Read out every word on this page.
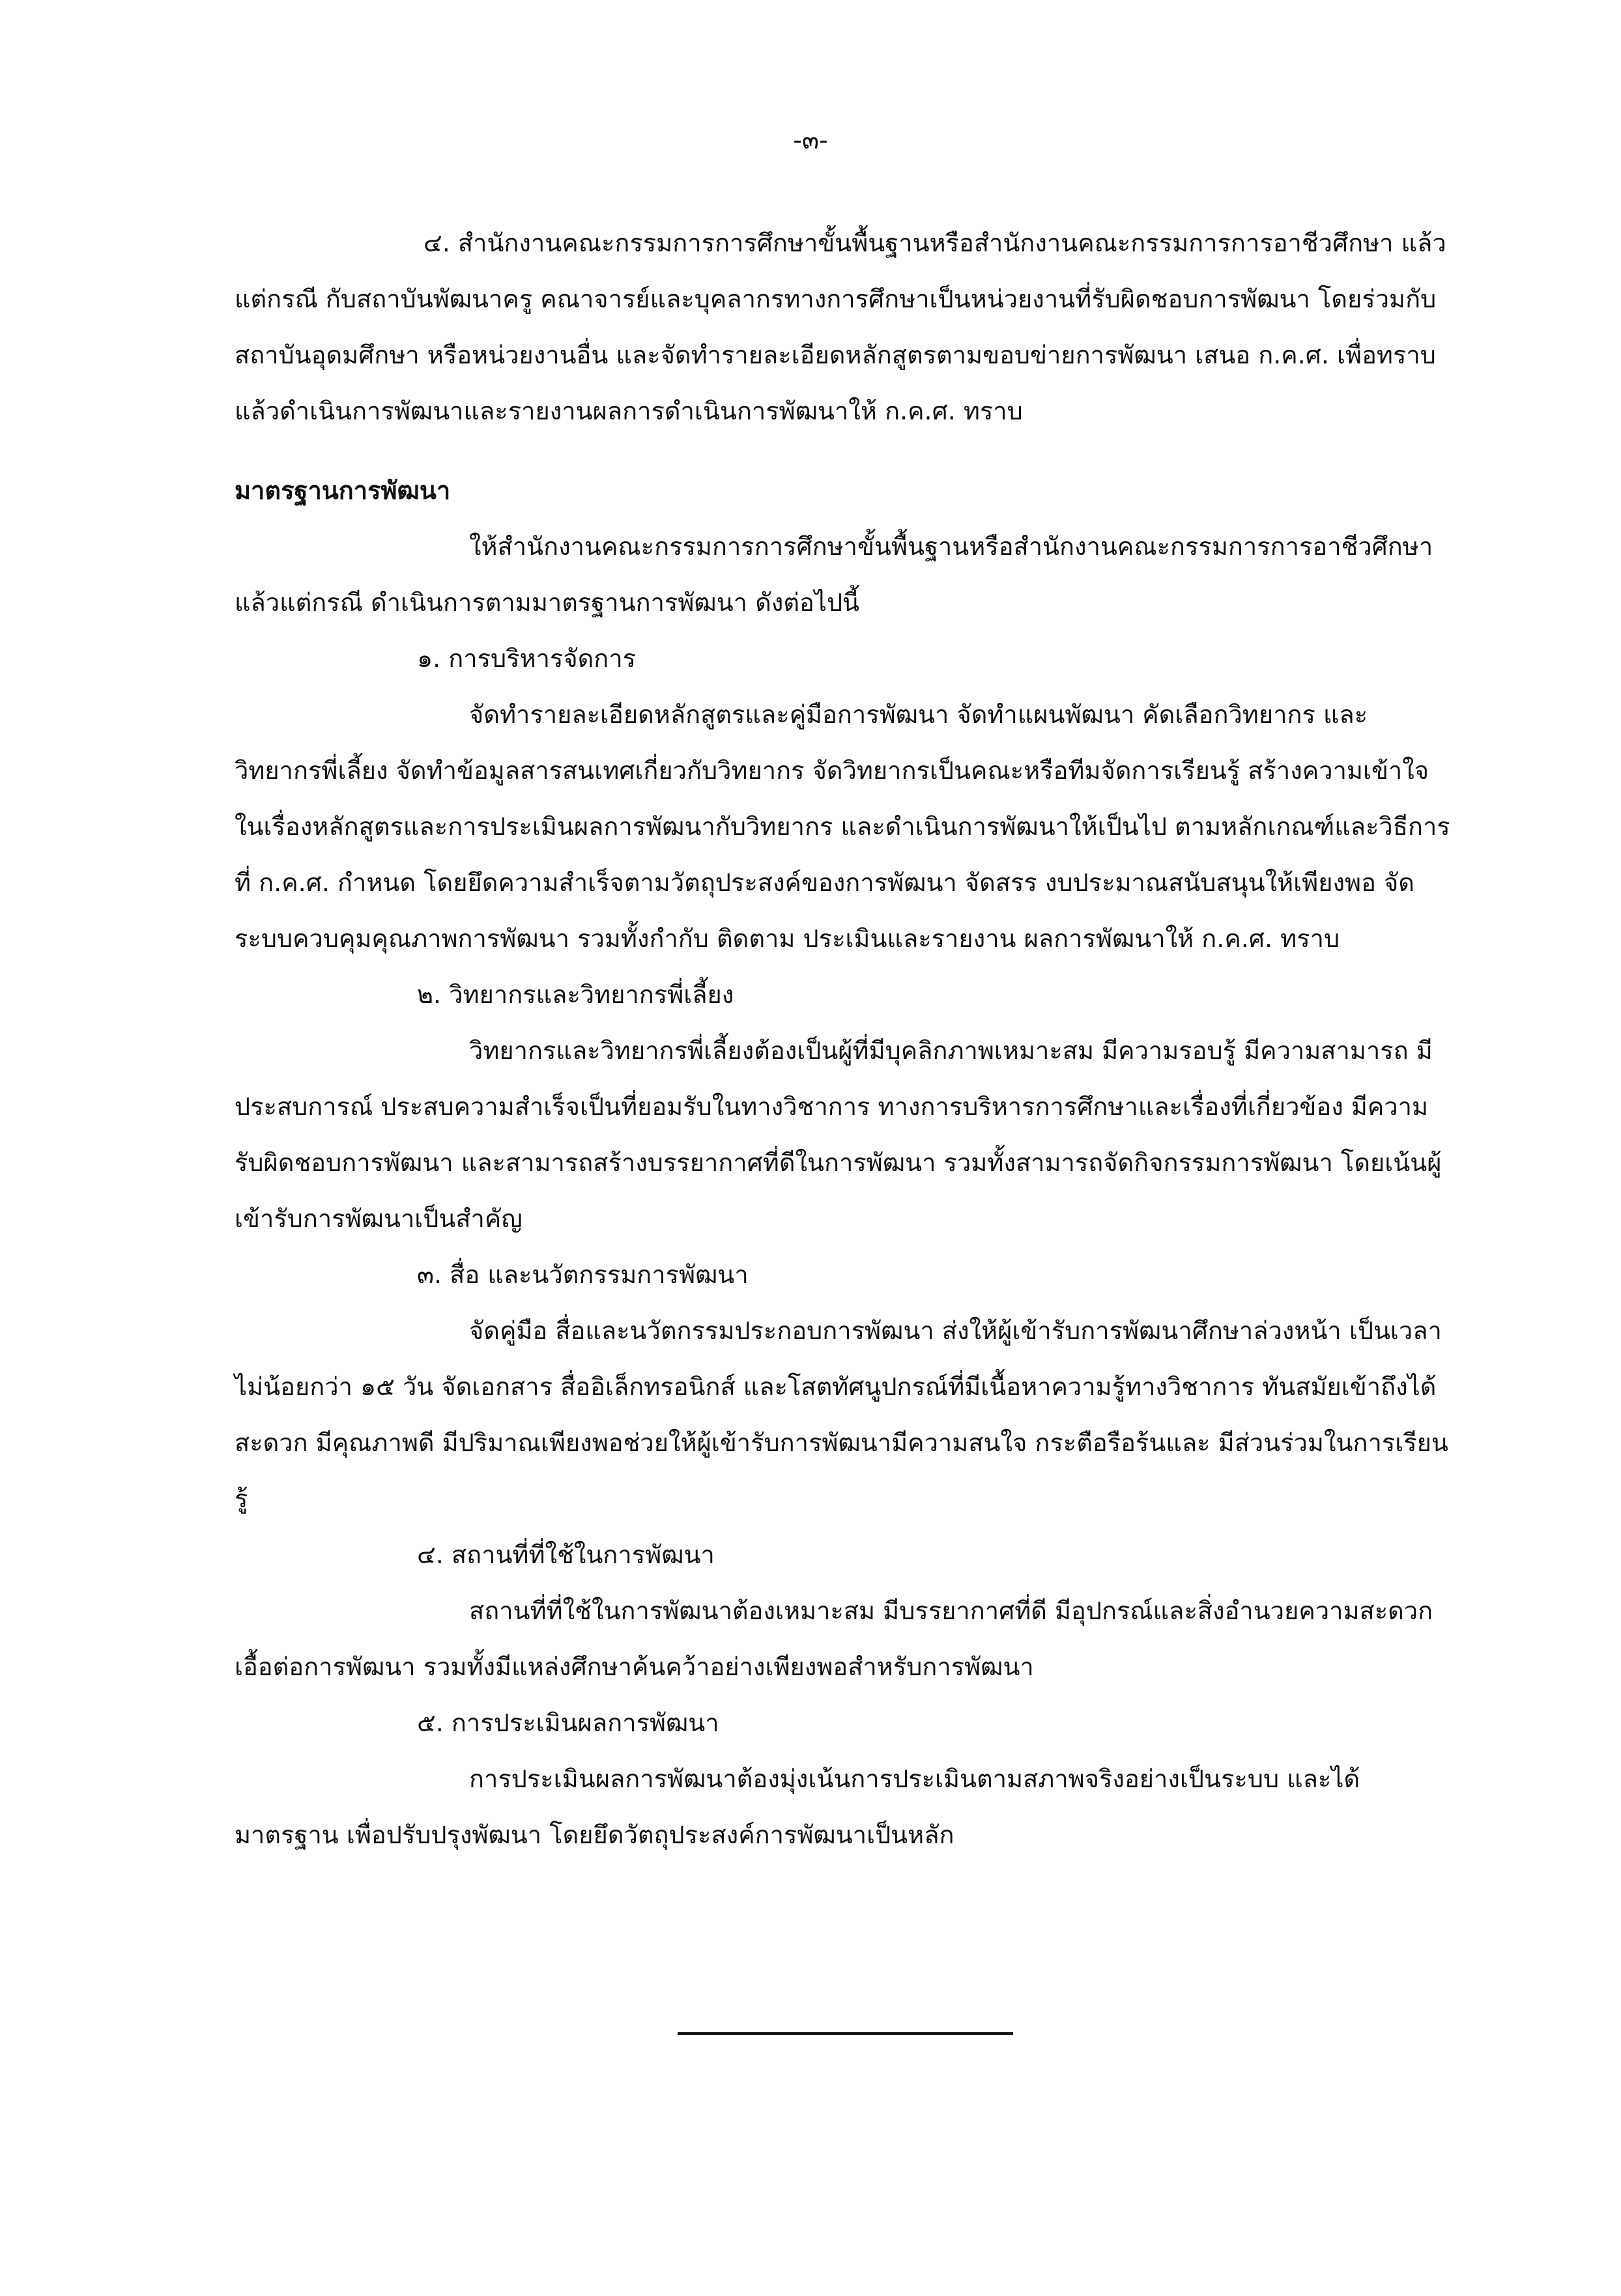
-๓-

๔. สำนักงานคณะกรรมการการศึกษาขั้นพื้นฐานหรือสำนักงานคณะกรรมการการอาชีวศึกษา แล้วแต่กรณี กับสถาบันพัฒนาครู คณาจารย์และบุคลากรทางการศึกษาเป็นหน่วยงานที่รับผิดชอบการพัฒนา โดยร่วมกับสถาบันอุดมศึกษา หรือหน่วยงานอื่น และจัดทำรายละเอียดหลักสูตรตามขอบข่ายการพัฒนา เสนอ ก.ค.ศ. เพื่อทราบ แล้วดำเนินการพัฒนาและรายงานผลการดำเนินการพัฒนาให้ ก.ค.ศ. ทราบ

มาตรฐานการพัฒนา

ให้สำนักงานคณะกรรมการการศึกษาขั้นพื้นฐานหรือสำนักงานคณะกรรมการการอาชีวศึกษา แล้วแต่กรณี ดำเนินการตามมาตรฐานการพัฒนา ดังต่อไปนี้

๑. การบริหารจัดการ

จัดทำรายละเอียดหลักสูตรและคู่มือการพัฒนา จัดทำแผนพัฒนา คัดเลือกวิทยากร และวิทยากรพี่เลี้ยง จัดทำข้อมูลสารสนเทศเกี่ยวกับวิทยากร จัดวิทยากรเป็นคณะหรือทีมจัดการเรียนรู้ สร้างความเข้าใจในเรื่องหลักสูตรและการประเมินผลการพัฒนากับวิทยากร และดำเนินการพัฒนาให้เป็นไป ตามหลักเกณฑ์และวิธีการที่ ก.ค.ศ. กำหนด โดยยึดความสำเร็จตามวัตถุประสงค์ของการพัฒนา จัดสรร งบประมาณสนับสนุนให้เพียงพอ จัดระบบควบคุมคุณภาพการพัฒนา รวมทั้งกำกับ ติดตาม ประเมินและรายงาน ผลการพัฒนาให้ ก.ค.ศ. ทราบ

๒. วิทยากรและวิทยากรพี่เลี้ยง

วิทยากรและวิทยากรพี่เลี้ยงต้องเป็นผู้ที่มีบุคลิกภาพเหมาะสม มีความรอบรู้ มีความสามารถ มีประสบการณ์ ประสบความสำเร็จเป็นที่ยอมรับในทางวิชาการ ทางการบริหารการศึกษาและเรื่องที่เกี่ยวข้อง มีความรับผิดชอบการพัฒนา และสามารถสร้างบรรยากาศที่ดีในการพัฒนา รวมทั้งสามารถจัดกิจกรรมการพัฒนา โดยเน้นผู้เข้ารับการพัฒนาเป็นสำคัญ

๓. สื่อ และนวัตกรรมการพัฒนา

จัดคู่มือ สื่อและนวัตกรรมประกอบการพัฒนา ส่งให้ผู้เข้ารับการพัฒนาศึกษาล่วงหน้า เป็นเวลาไม่น้อยกว่า ๑๕ วัน จัดเอกสาร สื่ออิเล็กทรอนิกส์ และโสตทัศนูปกรณ์ที่มีเนื้อหาความรู้ทางวิชาการ ทันสมัยเข้าถึงได้สะดวก มีคุณภาพดี มีปริมาณเพียงพอช่วยให้ผู้เข้ารับการพัฒนามีความสนใจ กระตือรือร้นและ มีส่วนร่วมในการเรียนรู้

๔. สถานที่ที่ใช้ในการพัฒนา

สถานที่ที่ใช้ในการพัฒนาต้องเหมาะสม มีบรรยากาศที่ดี มีอุปกรณ์และสิ่งอำนวยความสะดวก เอื้อต่อการพัฒนา รวมทั้งมีแหล่งศึกษาค้นคว้าอย่างเพียงพอสำหรับการพัฒนา

๕. การประเมินผลการพัฒนา

การประเมินผลการพัฒนาต้องมุ่งเน้นการประเมินตามสภาพจริงอย่างเป็นระบบ และได้มาตรฐาน เพื่อปรับปรุงพัฒนา โดยยึดวัตถุประสงค์การพัฒนาเป็นหลัก
